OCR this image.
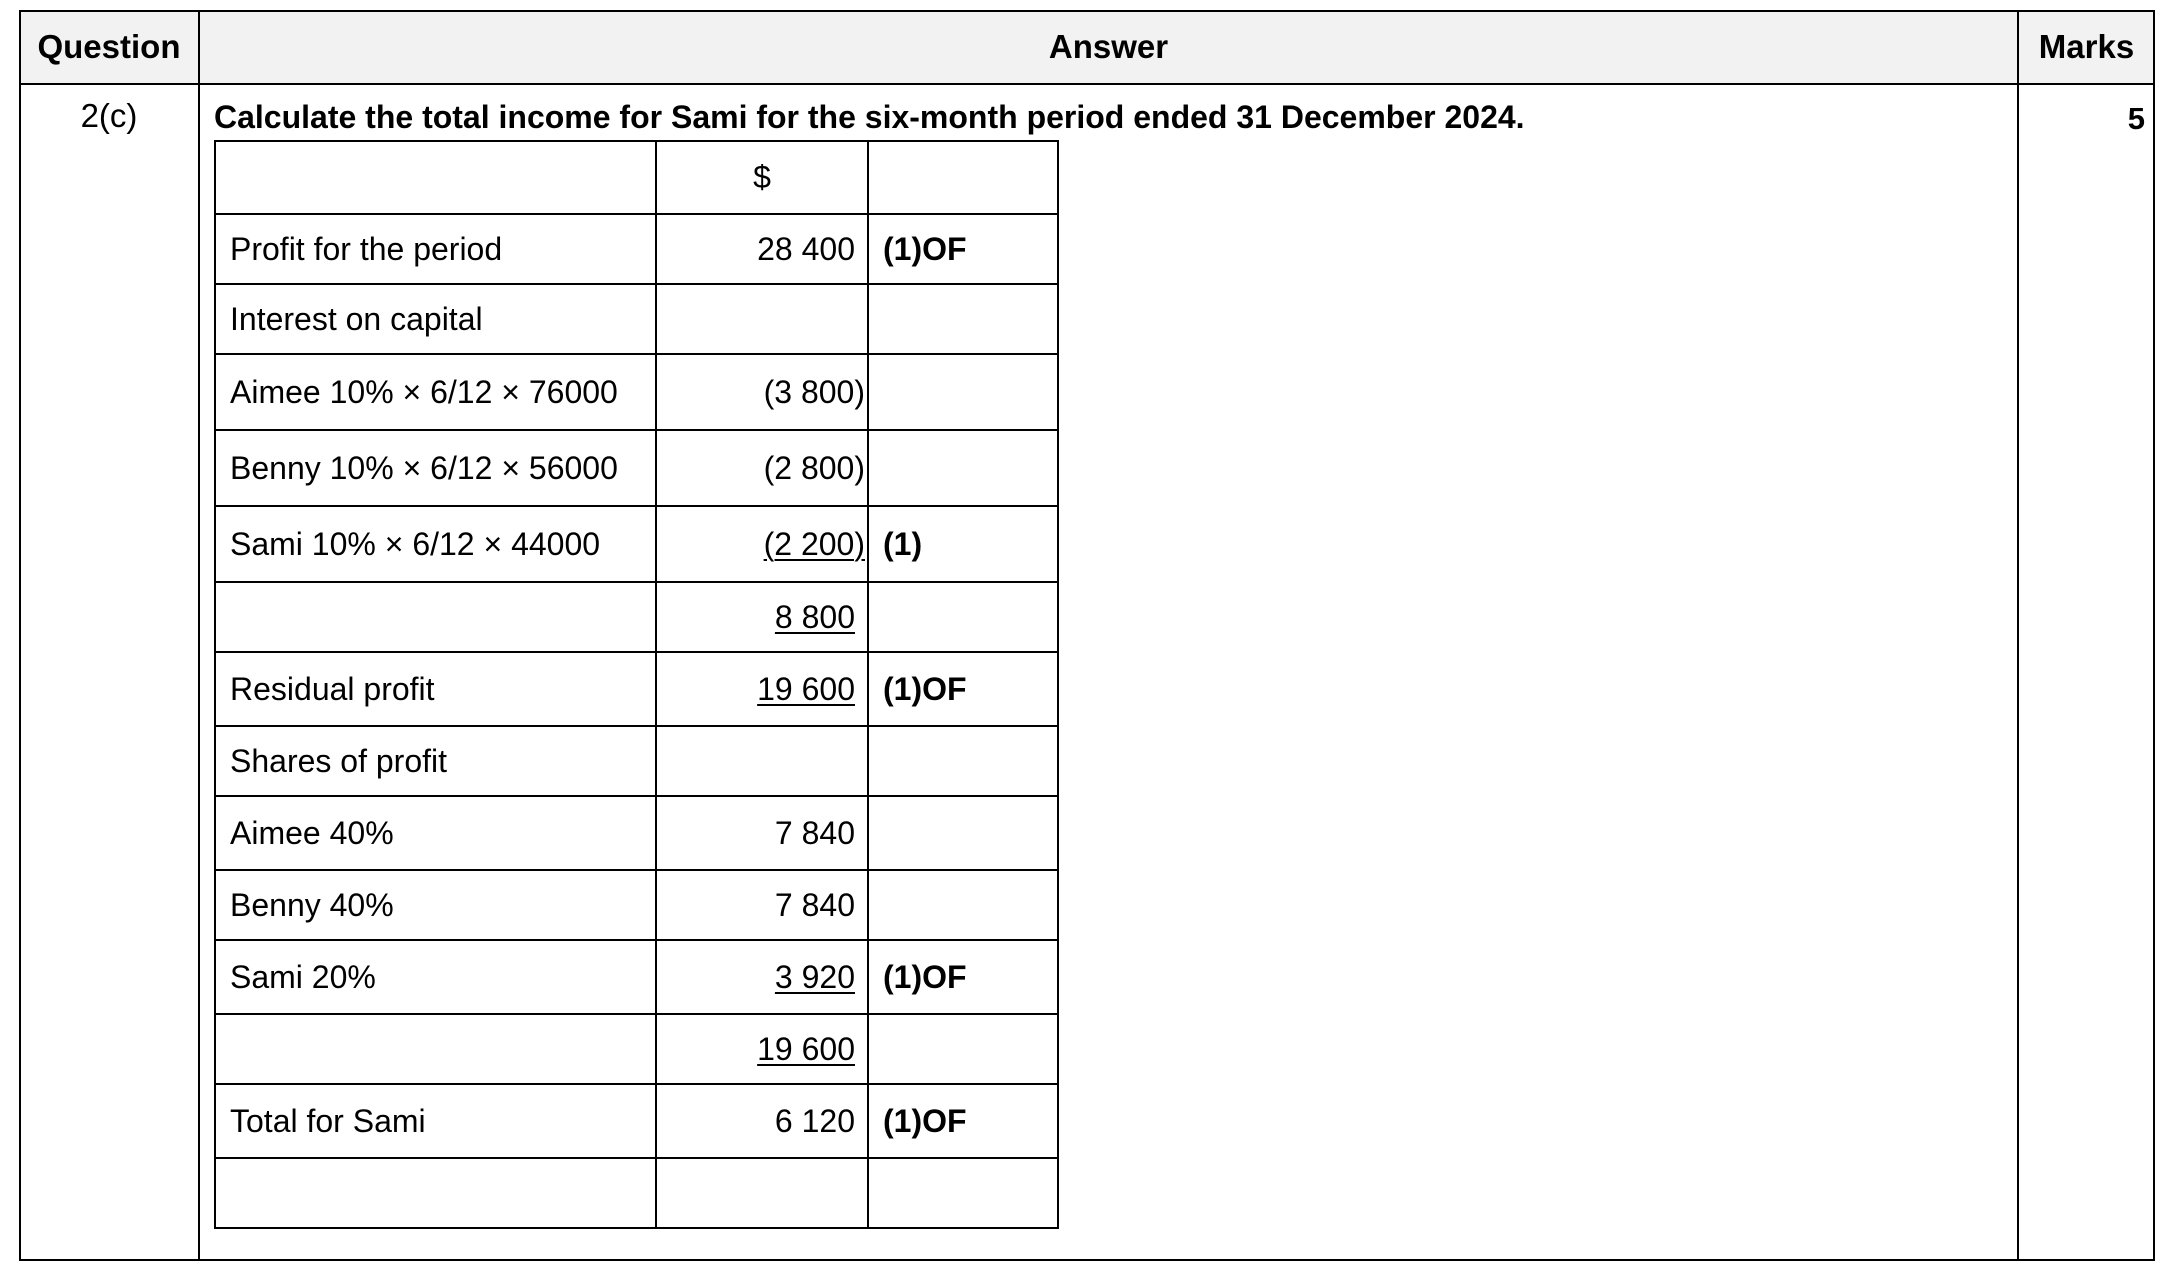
Question	Answer	Marks
2(c)	Calculate the total income for Sami for the six-month period ended 31 December 2024.	5
	$	
Profit for the period	28 400	(1)OF
Interest on capital		
Aimee 10% × 6/12 × 76000	(3 800)	
Benny 10% × 6/12 × 56000	(2 800)	
Sami 10% × 6/12 × 44000	(2 200)	(1)
	8 800	
Residual profit	19 600	(1)OF
Shares of profit		
Aimee 40%	7 840	
Benny 40%	7 840	
Sami 20%	3 920	(1)OF
	19 600	
Total for Sami	6 120	(1)OF
